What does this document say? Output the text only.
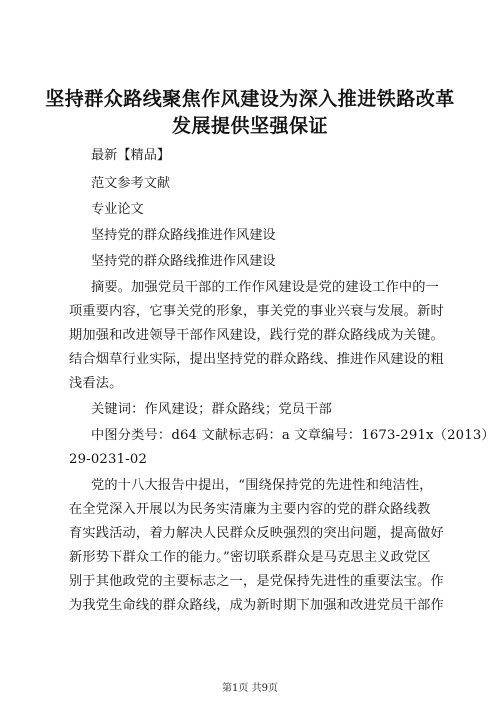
坚持群众路线聚焦作风建设为深入推进铁路改革发展提供坚强保证
最新【精品】
范文参考文献
专业论文
坚持党的群众路线推进作风建设
坚持党的群众路线推进作风建设
摘要。加强党员干部的工作作风建设是党的建设工作中的一
项重要内容，它事关党的形象，事关党的事业兴衰与发展。新时
期加强和改进领导干部作风建设，践行党的群众路线成为关键。
结合烟草行业实际，提出坚持党的群众路线、推进作风建设的粗
浅看法。
关键词：作风建设；群众路线；党员干部
中图分类号：d64 文献标志码：a 文章编号：1673-291x（2013）
29-0231-02
党的十八大报告中提出，“围绕保持党的先进性和纯洁性，
在全党深入开展以为民务实清廉为主要内容的党的群众路线教
育实践活动，着力解决人民群众反映强烈的突出问题，提高做好
新形势下群众工作的能力。”密切联系群众是马克思主义政党区
别于其他政党的主要标志之一，是党保持先进性的重要法宝。作
为我党生命线的群众路线，成为新时期下加强和改进党员干部作
第1页 共9页
